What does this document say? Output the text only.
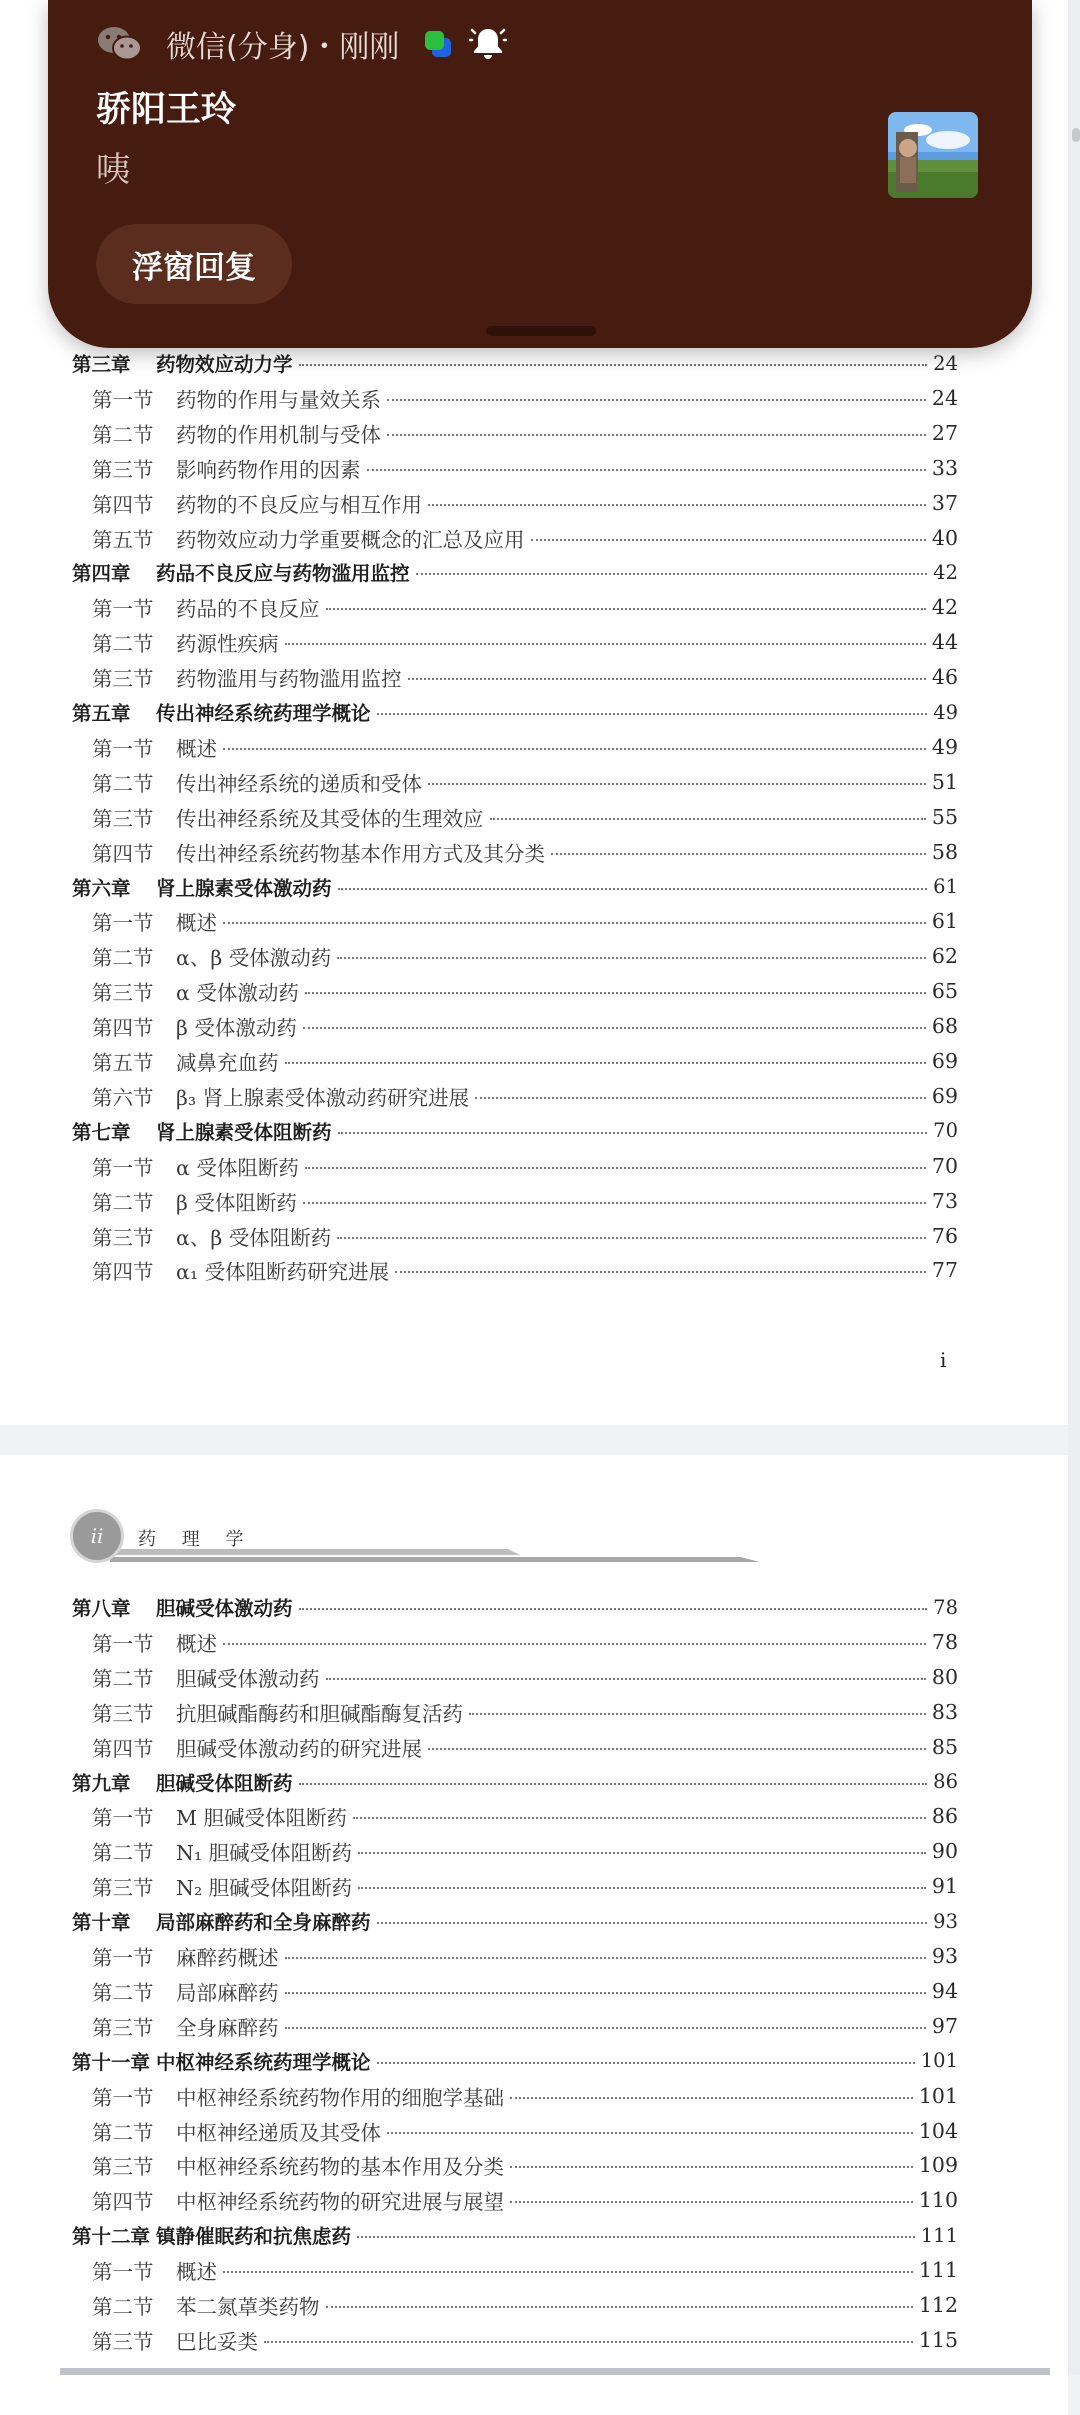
第三章	药物效应动力学	24
第一节	药物的作用与量效关系	24
第二节	药物的作用机制与受体	27
第三节	影响药物作用的因素	33
第四节	药物的不良反应与相互作用	37
第五节	药物效应动力学重要概念的汇总及应用	40
第四章	药品不良反应与药物滥用监控	42
第一节	药品的不良反应	42
第二节	药源性疾病	44
第三节	药物滥用与药物滥用监控	46
第五章	传出神经系统药理学概论	49
第一节	概述	49
第二节	传出神经系统的递质和受体	51
第三节	传出神经系统及其受体的生理效应	55
第四节	传出神经系统药物基本作用方式及其分类	58
第六章	肾上腺素受体激动药	61
第一节	概述	61
第二节	α、β 受体激动药	62
第三节	α 受体激动药	65
第四节	β 受体激动药	68
第五节	减鼻充血药	69
第六节	β₃ 肾上腺素受体激动药研究进展	69
第七章	肾上腺素受体阻断药	70
第一节	α 受体阻断药	70
第二节	β 受体阻断药	73
第三节	α、β 受体阻断药	76
第四节	α₁ 受体阻断药研究进展	77
i
ii	药 理 学
第八章	胆碱受体激动药	78
第一节	概述	78
第二节	胆碱受体激动药	80
第三节	抗胆碱酯酶药和胆碱酯酶复活药	83
第四节	胆碱受体激动药的研究进展	85
第九章	胆碱受体阻断药	86
第一节	M 胆碱受体阻断药	86
第二节	N₁ 胆碱受体阻断药	90
第三节	N₂ 胆碱受体阻断药	91
第十章	局部麻醉药和全身麻醉药	93
第一节	麻醉药概述	93
第二节	局部麻醉药	94
第三节	全身麻醉药	97
第十一章 中枢神经系统药理学概论	101
第一节	中枢神经系统药物作用的细胞学基础	101
第二节	中枢神经递质及其受体	104
第三节	中枢神经系统药物的基本作用及分类	109
第四节	中枢神经系统药物的研究进展与展望	110
第十二章 镇静催眠药和抗焦虑药	111
第一节	概述	111
第二节	苯二氮䓬类药物	112
第三节	巴比妥类	115
微信(分身)・刚刚
骄阳王玲
咦
浮窗回复
